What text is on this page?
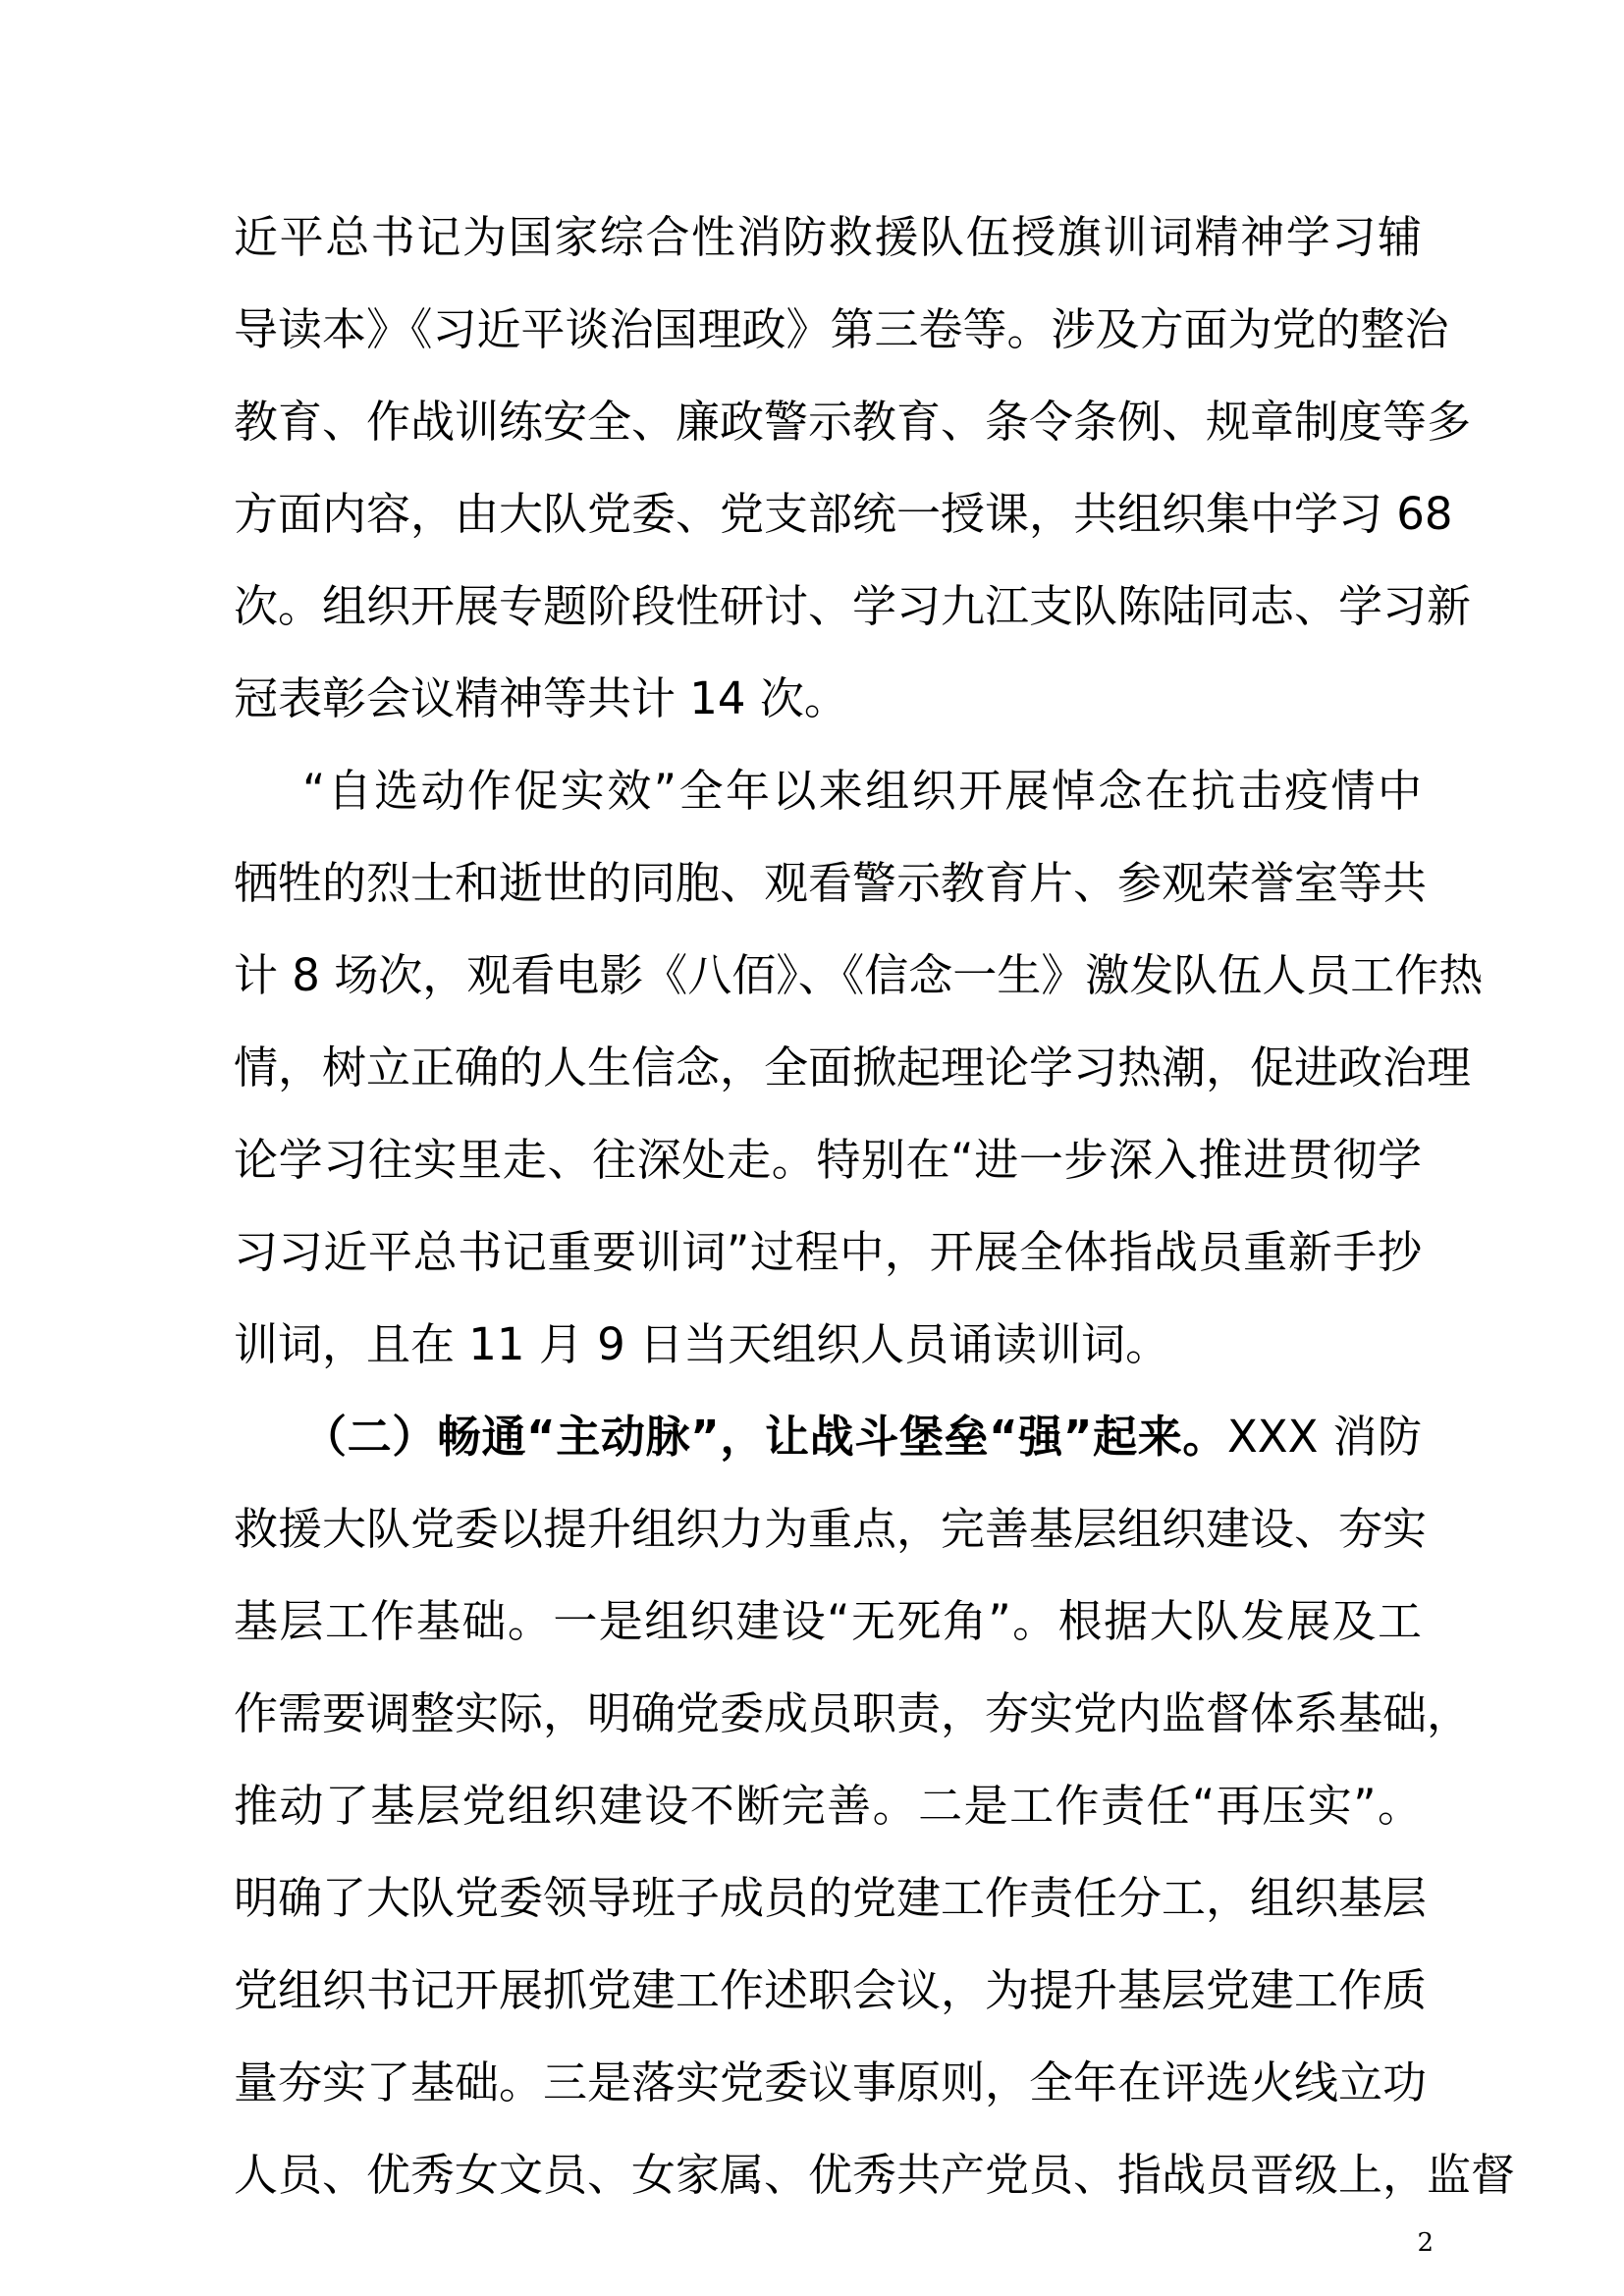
近平总书记为国家综合性消防救援队伍授旗训词精神学习辅
导读本》《习近平谈治国理政》第三卷等。涉及方面为党的整治
教育、作战训练安全、廉政警示教育、条令条例、规章制度等多
方面内容，由大队党委、党支部统一授课，共组织集中学习 68
次。组织开展专题阶段性研讨、学习九江支队陈陆同志、学习新
冠表彰会议精神等共计 14 次。
“自选动作促实效”全年以来组织开展悼念在抗击疫情中
牺牲的烈士和逝世的同胞、观看警示教育片、参观荣誉室等共
计 8 场次，观看电影《八佰》、《信念一生》激发队伍人员工作热
情，树立正确的人生信念，全面掀起理论学习热潮，促进政治理
论学习往实里走、往深处走。特别在“进一步深入推进贯彻学
习习近平总书记重要训词”过程中，开展全体指战员重新手抄
训词，且在 11 月 9 日当天组织人员诵读训词。
（二）畅通“主动脉”，让战斗堡垒“强”起来。XXX 消防
救援大队党委以提升组织力为重点，完善基层组织建设、夯实
基层工作基础。一是组织建设“无死角”。根据大队发展及工
作需要调整实际，明确党委成员职责，夯实党内监督体系基础，
推动了基层党组织建设不断完善。二是工作责任“再压实”。
明确了大队党委领导班子成员的党建工作责任分工，组织基层
党组织书记开展抓党建工作述职会议，为提升基层党建工作质
量夯实了基础。三是落实党委议事原则，全年在评选火线立功
人员、优秀女文员、女家属、优秀共产党员、指战员晋级上，监督
2
